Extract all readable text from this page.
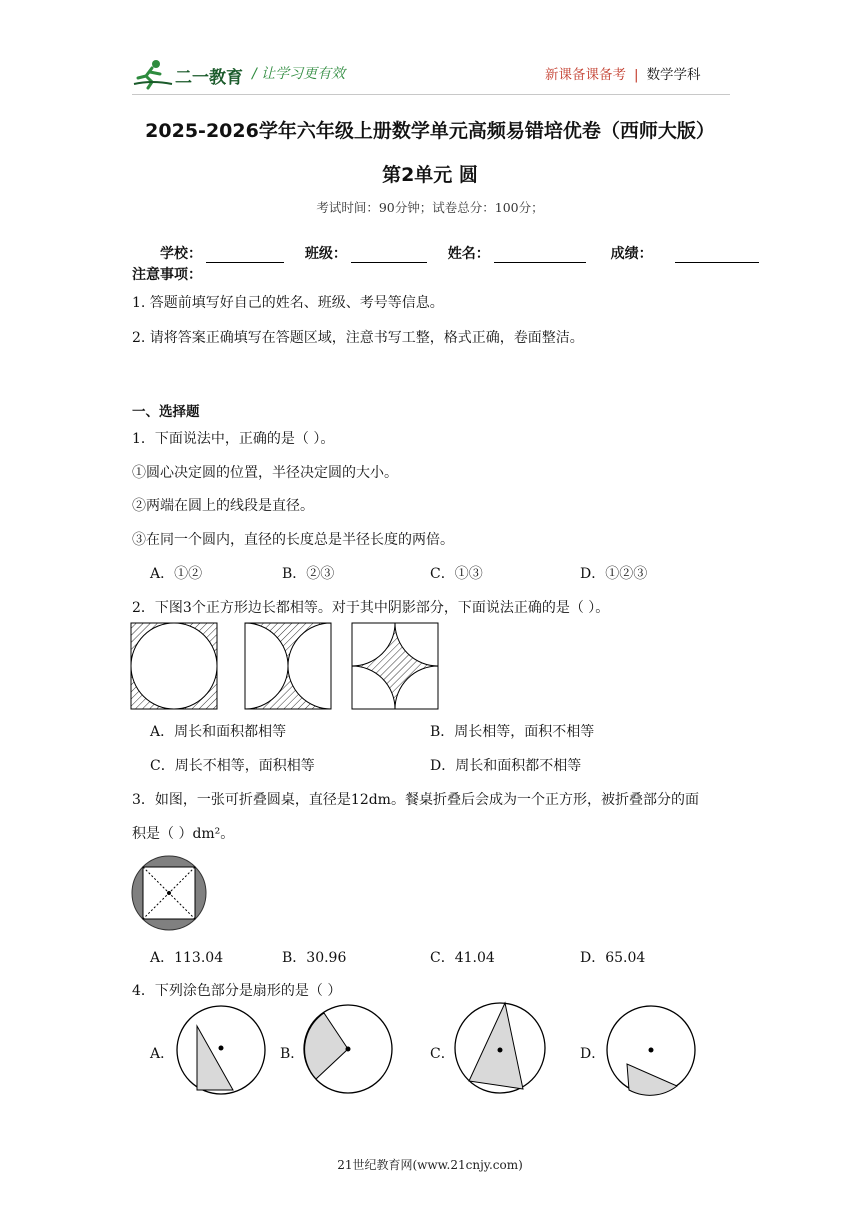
二一教育 / 让学习更有效	新课备课备考 | 数学学科
2025-2026学年六年级上册数学单元高频易错培优卷（西师大版）
第2单元 圆
考试时间：90分钟；试卷总分：100分；
学校：	班级：	姓名：	成绩：
注意事项：
1. 答题前填写好自己的姓名、班级、考号等信息。
2. 请将答案正确填写在答题区域，注意书写工整，格式正确，卷面整洁。
一、选择题
1．下面说法中，正确的是（ ）。
①圆心决定圆的位置，半径决定圆的大小。
②两端在圆上的线段是直径。
③在同一个圆内，直径的长度总是半径长度的两倍。
A．①②	B．②③	C．①③	D．①②③
2．下图3个正方形边长都相等。对于其中阴影部分，下面说法正确的是（ ）。
A．周长和面积都相等	B．周长相等，面积不相等
C．周长不相等，面积相等	D．周长和面积都不相等
3．如图，一张可折叠圆桌，直径是12dm。餐桌折叠后会成为一个正方形，被折叠部分的面
积是（ ）dm²。
A．113.04	B．30.96	C．41.04	D．65.04
4．下列涂色部分是扇形的是（ ）
A．	B．	C．	D．
21世纪教育网(www.21cnjy.com)
